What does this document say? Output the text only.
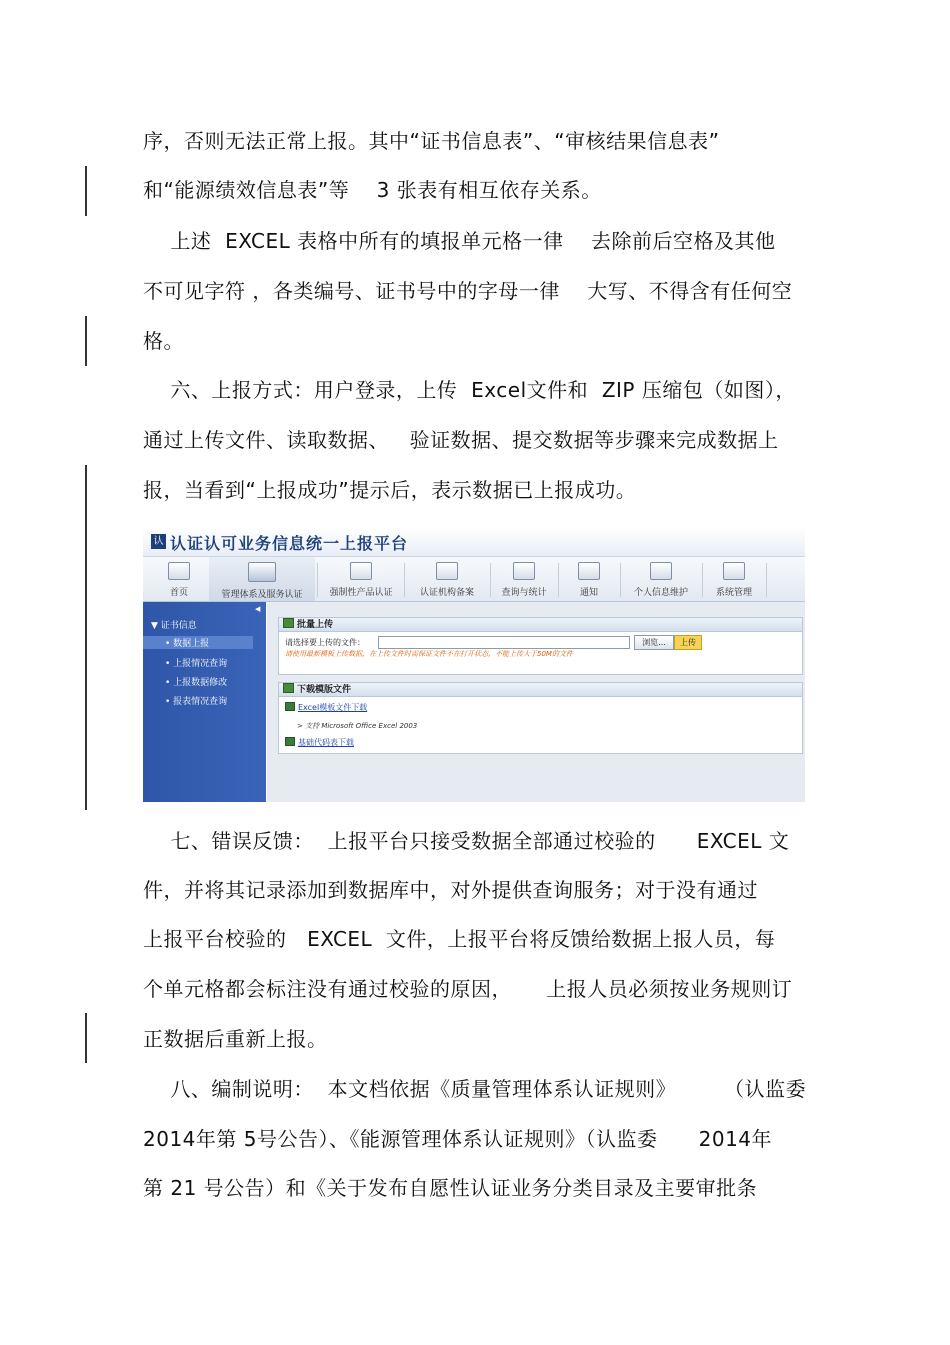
序，否则无法正常上报。其中“证书信息表”、“审核结果信息表”
和“能源绩效信息表”等    3 张表有相互依存关系。
上述  EXCEL 表格中所有的填报单元格一律    去除前后空格及其他
不可见字符 ，各类编号、证书号中的字母一律    大写、不得含有任何空
格。
六、上报方式：用户登录，上传  Excel文件和  ZIP 压缩包（如图），
通过上传文件、读取数据、   验证数据、提交数据等步骤来完成数据上
报，当看到“上报成功”提示后，表示数据已上报成功。
认 认证认可业务信息统一上报平台
首页	管理体系及服务认证	强制性产品认证	认证机构备案	查询与统计	通知	个人信息维护	系统管理
◀
▼ 证书信息
• 数据上报
• 上报情况查询
• 上报数据修改
• 报表情况查询
批量上传
请选择要上传的文件：	浏览...	上传
请使用最新模板上传数据，在上传文件时需保证文件不在打开状态，不能上传大于50M的文件
下载模版文件
Excel模板文件下载
> 支持 Microsoft Office Excel 2003
基础代码表下载
七、错误反馈：  上报平台只接受数据全部通过校验的      EXCEL 文
件，并将其记录添加到数据库中，对外提供查询服务；对于没有通过
上报平台校验的   EXCEL  文件，上报平台将反馈给数据上报人员，每
个单元格都会标注没有通过校验的原因，     上报人员必须按业务规则订
正数据后重新上报。
八、编制说明：  本文档依据《质量管理体系认证规则》       （认监委
2014年第 5号公告）、《能源管理体系认证规则》（认监委      2014年
第 21 号公告）和《关于发布自愿性认证业务分类目录及主要审批条
